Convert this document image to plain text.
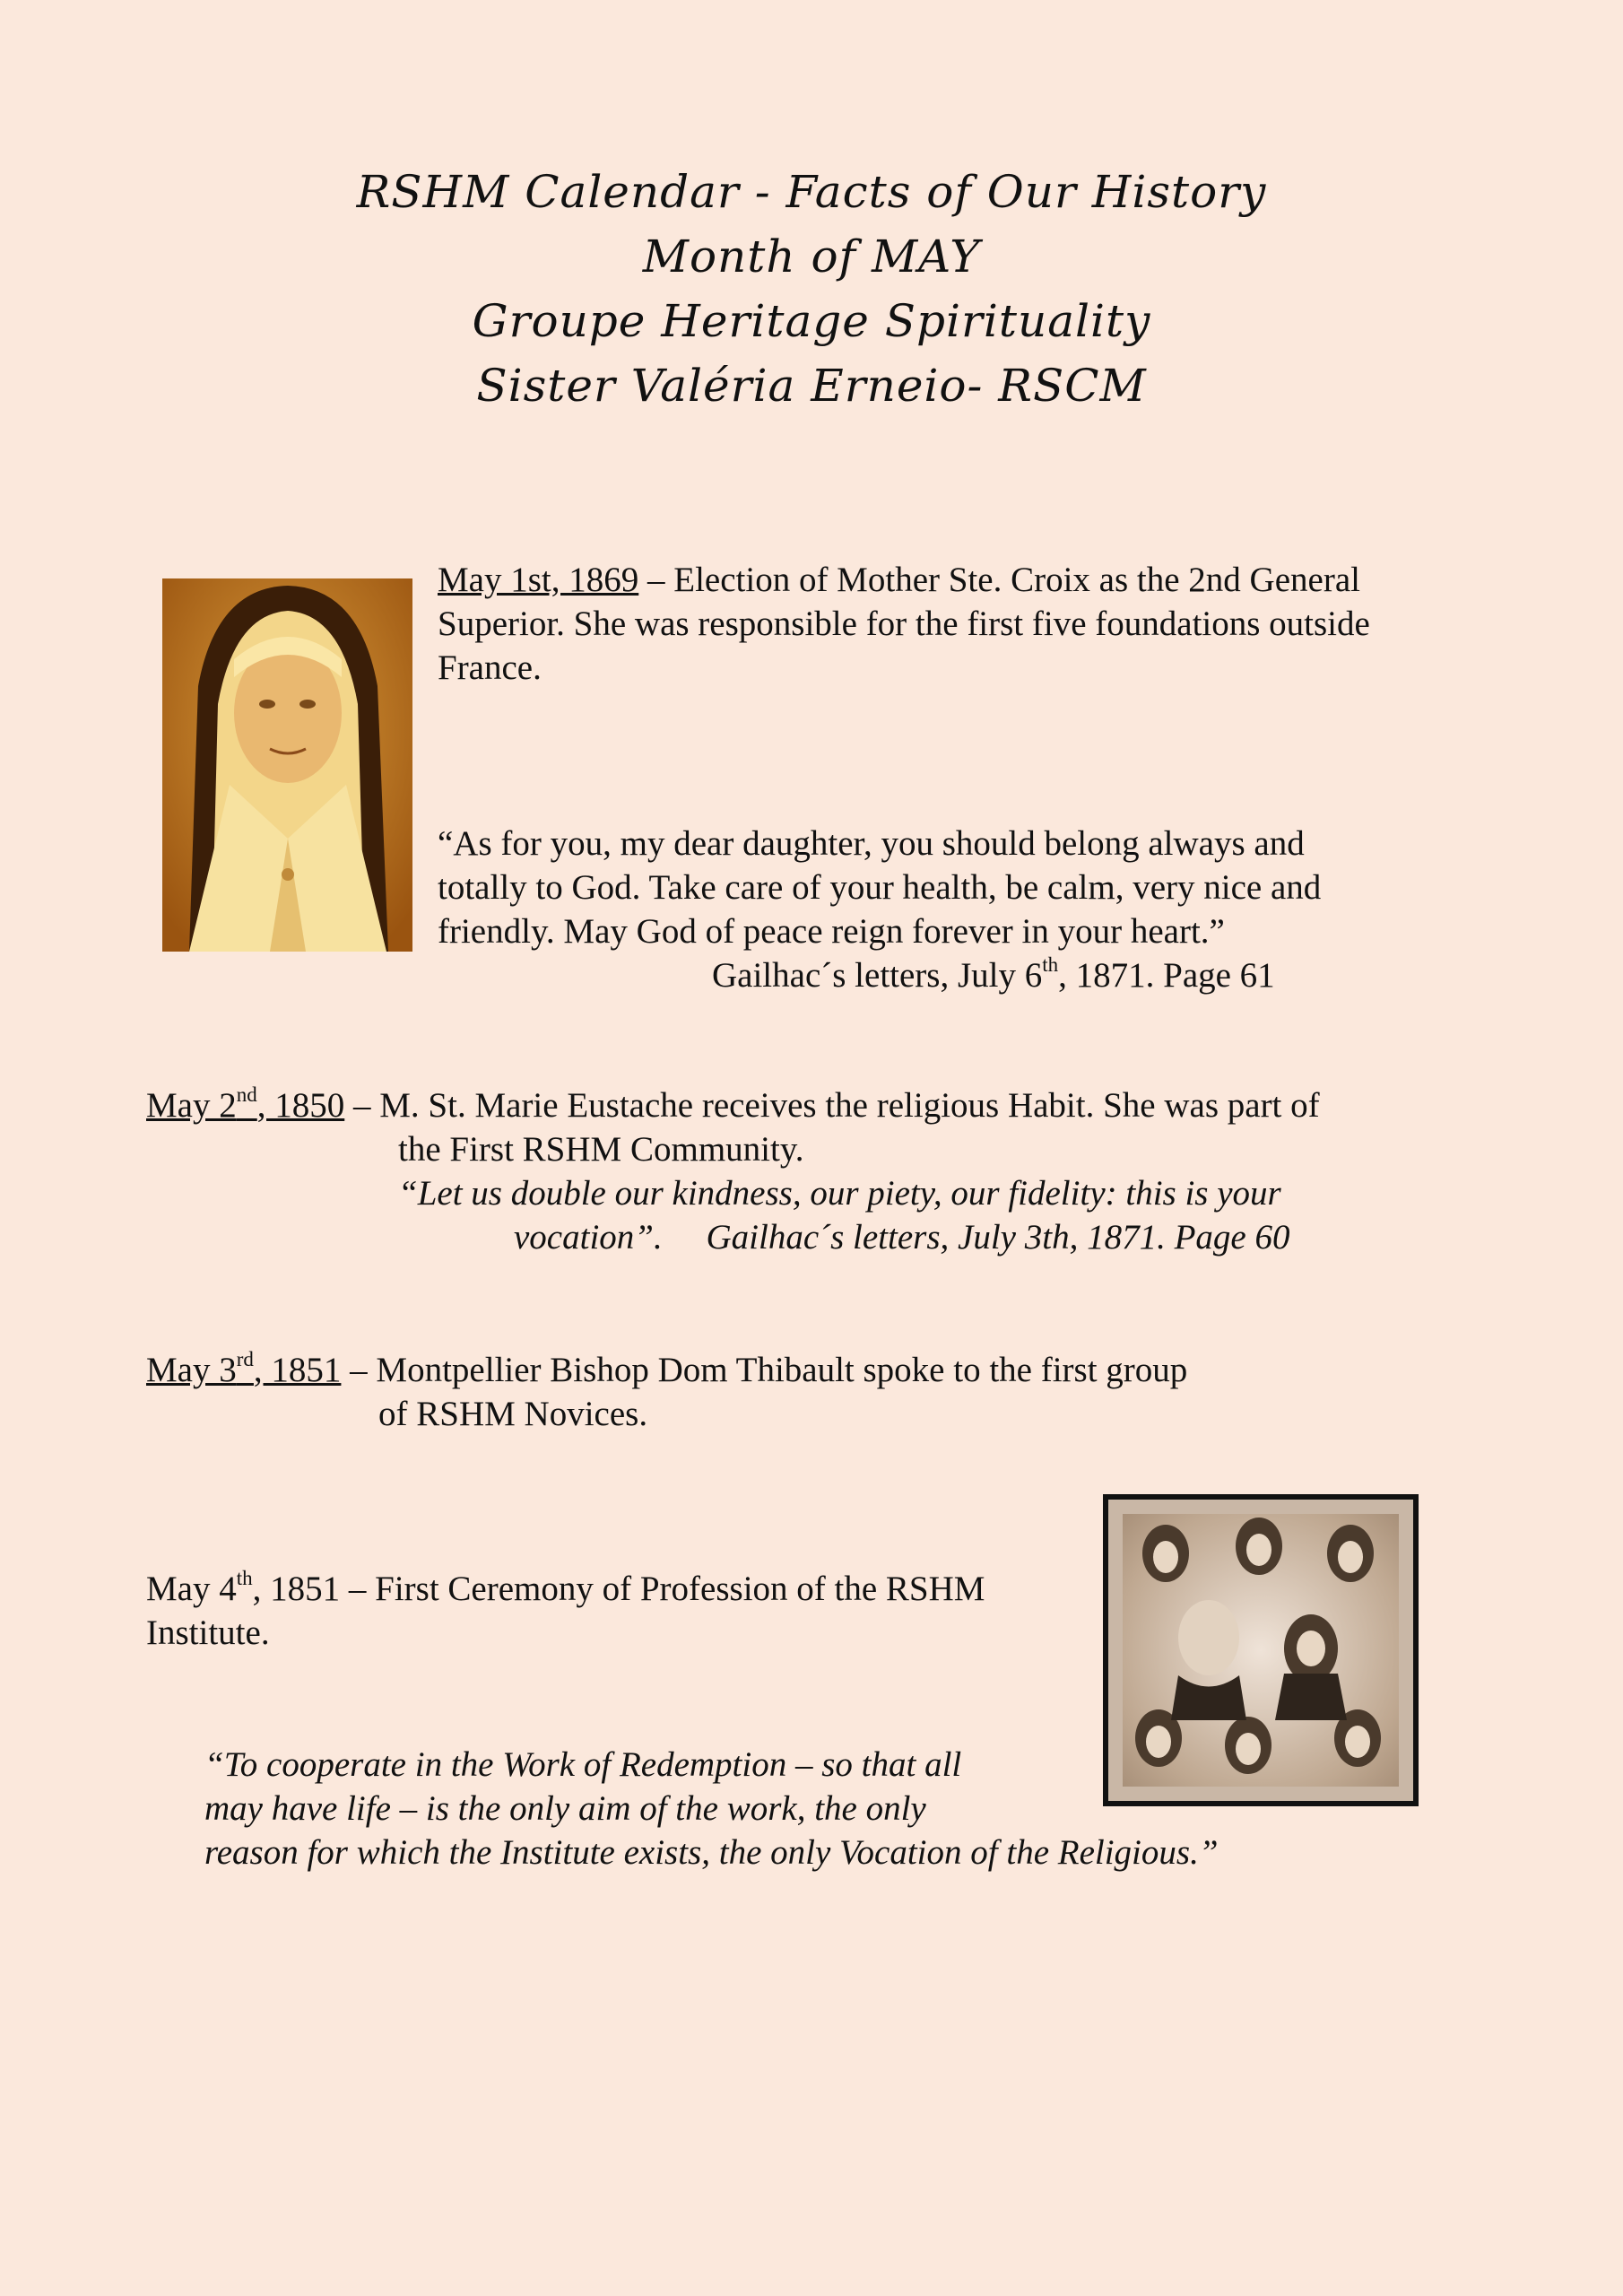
RSHM Calendar - Facts of Our History
Month of MAY
Groupe Heritage Spirituality
Sister Valéria Erneio- RSCM
May 1st, 1869 – Election of Mother Ste. Croix as the 2nd General
Superior. She was responsible for the first five foundations outside
France.
“As for you, my dear daughter, you should belong always and
totally to God. Take care of your health, be calm, very nice and
friendly. May God of peace reign forever in your heart.”
Gailhac´s letters, July 6th, 1871. Page 61
May 2nd, 1850 – M. St. Marie Eustache receives the religious Habit. She was part of
the First RSHM Community.
“Let us double our kindness, our piety, our fidelity: this is your
vocation”.     Gailhac´s letters, July 3th, 1871. Page 60
May 3rd, 1851 – Montpellier Bishop Dom Thibault spoke to the first group
of RSHM Novices.
May 4th, 1851 – First Ceremony of Profession of the RSHM
Institute.
“To cooperate in the Work of Redemption – so that all
may have life – is the only aim of the work, the only
reason for which the Institute exists, the only Vocation of the Religious.”
